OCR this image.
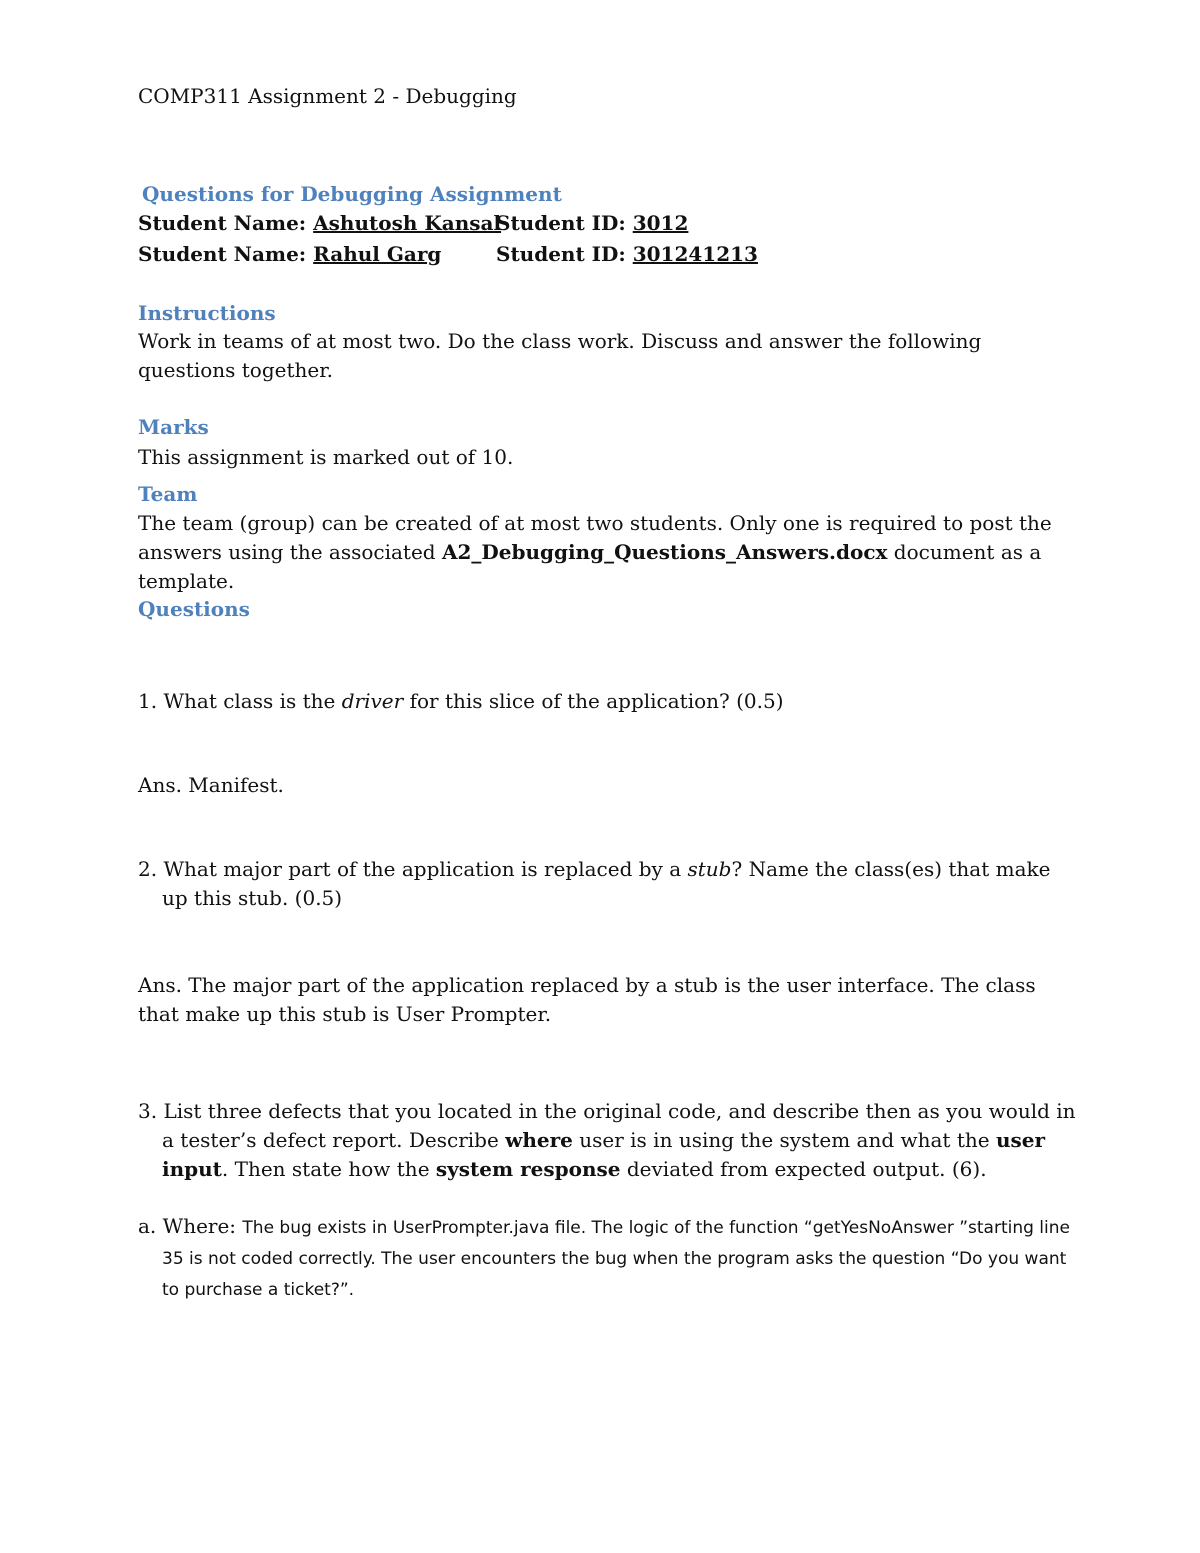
COMP311 Assignment 2 - Debugging
Questions for Debugging Assignment
Student Name: Ashutosh Kansal
Student ID: 3012
Student Name: Rahul Garg	Student ID: 301241213
Instructions
Work in teams of at most two. Do the class work. Discuss and answer the following questions together.
Marks
This assignment is marked out of 10.
Team
The team (group) can be created of at most two students. Only one is required to post the answers using the associated A2_Debugging_Questions_Answers.docx document as a template.
Questions
1. What class is the driver for this slice of the application? (0.5)
Ans. Manifest.
2. What major part of the application is replaced by a stub? Name the class(es) that make up this stub. (0.5)
Ans. The major part of the application replaced by a stub is the user interface. The class that make up this stub is User Prompter.
3. List three defects that you located in the original code, and describe then as you would in a tester’s defect report. Describe where user is in using the system and what the user input. Then state how the system response deviated from expected output. (6).
a. Where: The bug exists in UserPrompter.java file. The logic of the function “getYesNoAnswer ”starting line 35 is not coded correctly. The user encounters the bug when the program asks the question “Do you want to purchase a ticket?”.
